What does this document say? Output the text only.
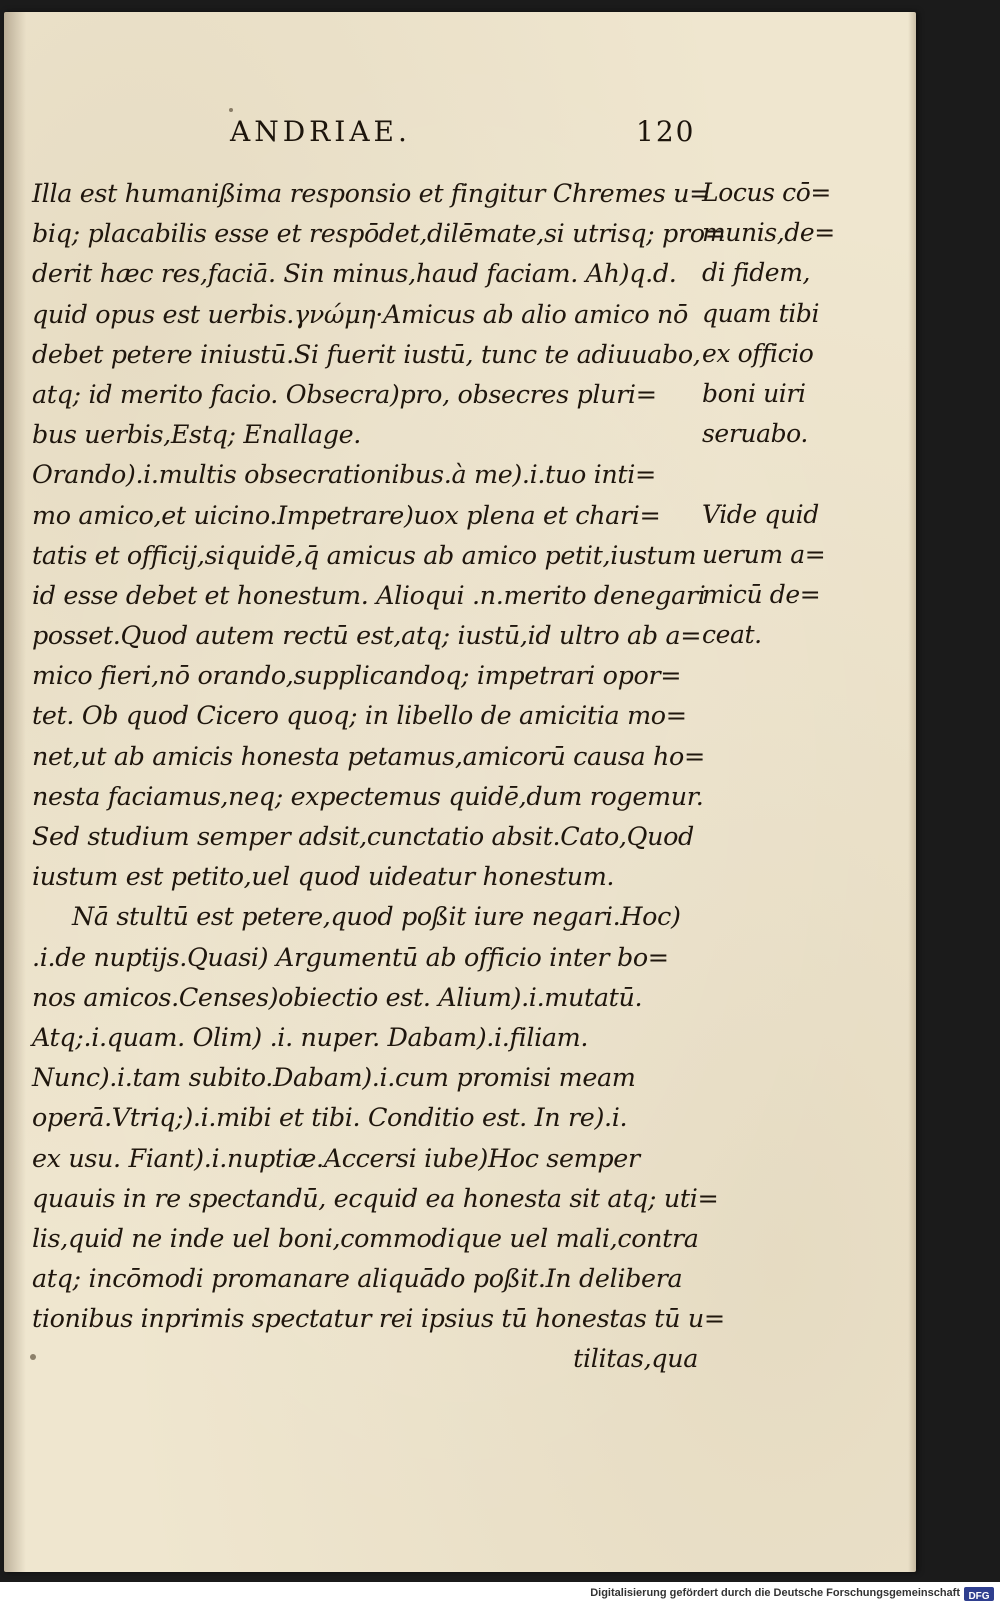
ANDRIAE.	120
Illa est humanißima responsio et fingitur Chremes u=
biq; placabilis esse et respōdet,dilēmate,si utrisq; pro=
derit hæc res,faciā. Sin minus,haud faciam. Ah)q.d.
quid opus est uerbis.γνώμη·Amicus ab alio amico nō
debet petere iniustū.Si fuerit iustū, tunc te adiuuabo,
atq; id merito facio. Obsecra)pro, obsecres pluri=
bus uerbis,Estq; Enallage.
Orando).i.multis obsecrationibus.à me).i.tuo inti=
mo amico,et uicino.Impetrare)uox plena et chari=
tatis et officij,siquidē,q̄ amicus ab amico petit,iustum
id esse debet et honestum. Alioqui .n.merito denegari
posset.Quod autem rectū est,atq; iustū,id ultro ab a=
mico fieri,nō orando,supplicandoq; impetrari opor=
tet. Ob quod Cicero quoq; in libello de amicitia mo=
net,ut ab amicis honesta petamus,amicorū causa ho=
nesta faciamus,neq; expectemus quidē,dum rogemur.
Sed studium semper adsit,cunctatio absit.Cato,Quod
iustum est petito,uel quod uideatur honestum.
Nā stultū est petere,quod poßit iure negari.Hoc)
.i.de nuptijs.Quasi) Argumentū ab officio inter bo=
nos amicos.Censes)obiectio est. Alium).i.mutatū.
Atq;.i.quam. Olim) .i. nuper. Dabam).i.filiam.
Nunc).i.tam subito.Dabam).i.cum promisi meam
operā.Vtriq;).i.mibi et tibi. Conditio est. In re).i.
ex usu. Fiant).i.nuptiæ.Accersi iube)Hoc semper
quauis in re spectandū, ecquid ea honesta sit atq; uti=
lis,quid ne inde uel boni,commodique uel mali,contra
atq; incōmodi promanare aliquādo poßit.In delibera
tionibus inprimis spectatur rei ipsius tū honestas tū u=
tilitas,qua
Locus cō=
munis,de=
di fidem,
quam tibi
ex officio
boni uiri
seruabo.
Vide quid
uerum a=
micū de=
ceat.
Digitalisierung gefördert durch die Deutsche Forschungsgemeinschaft DFG
